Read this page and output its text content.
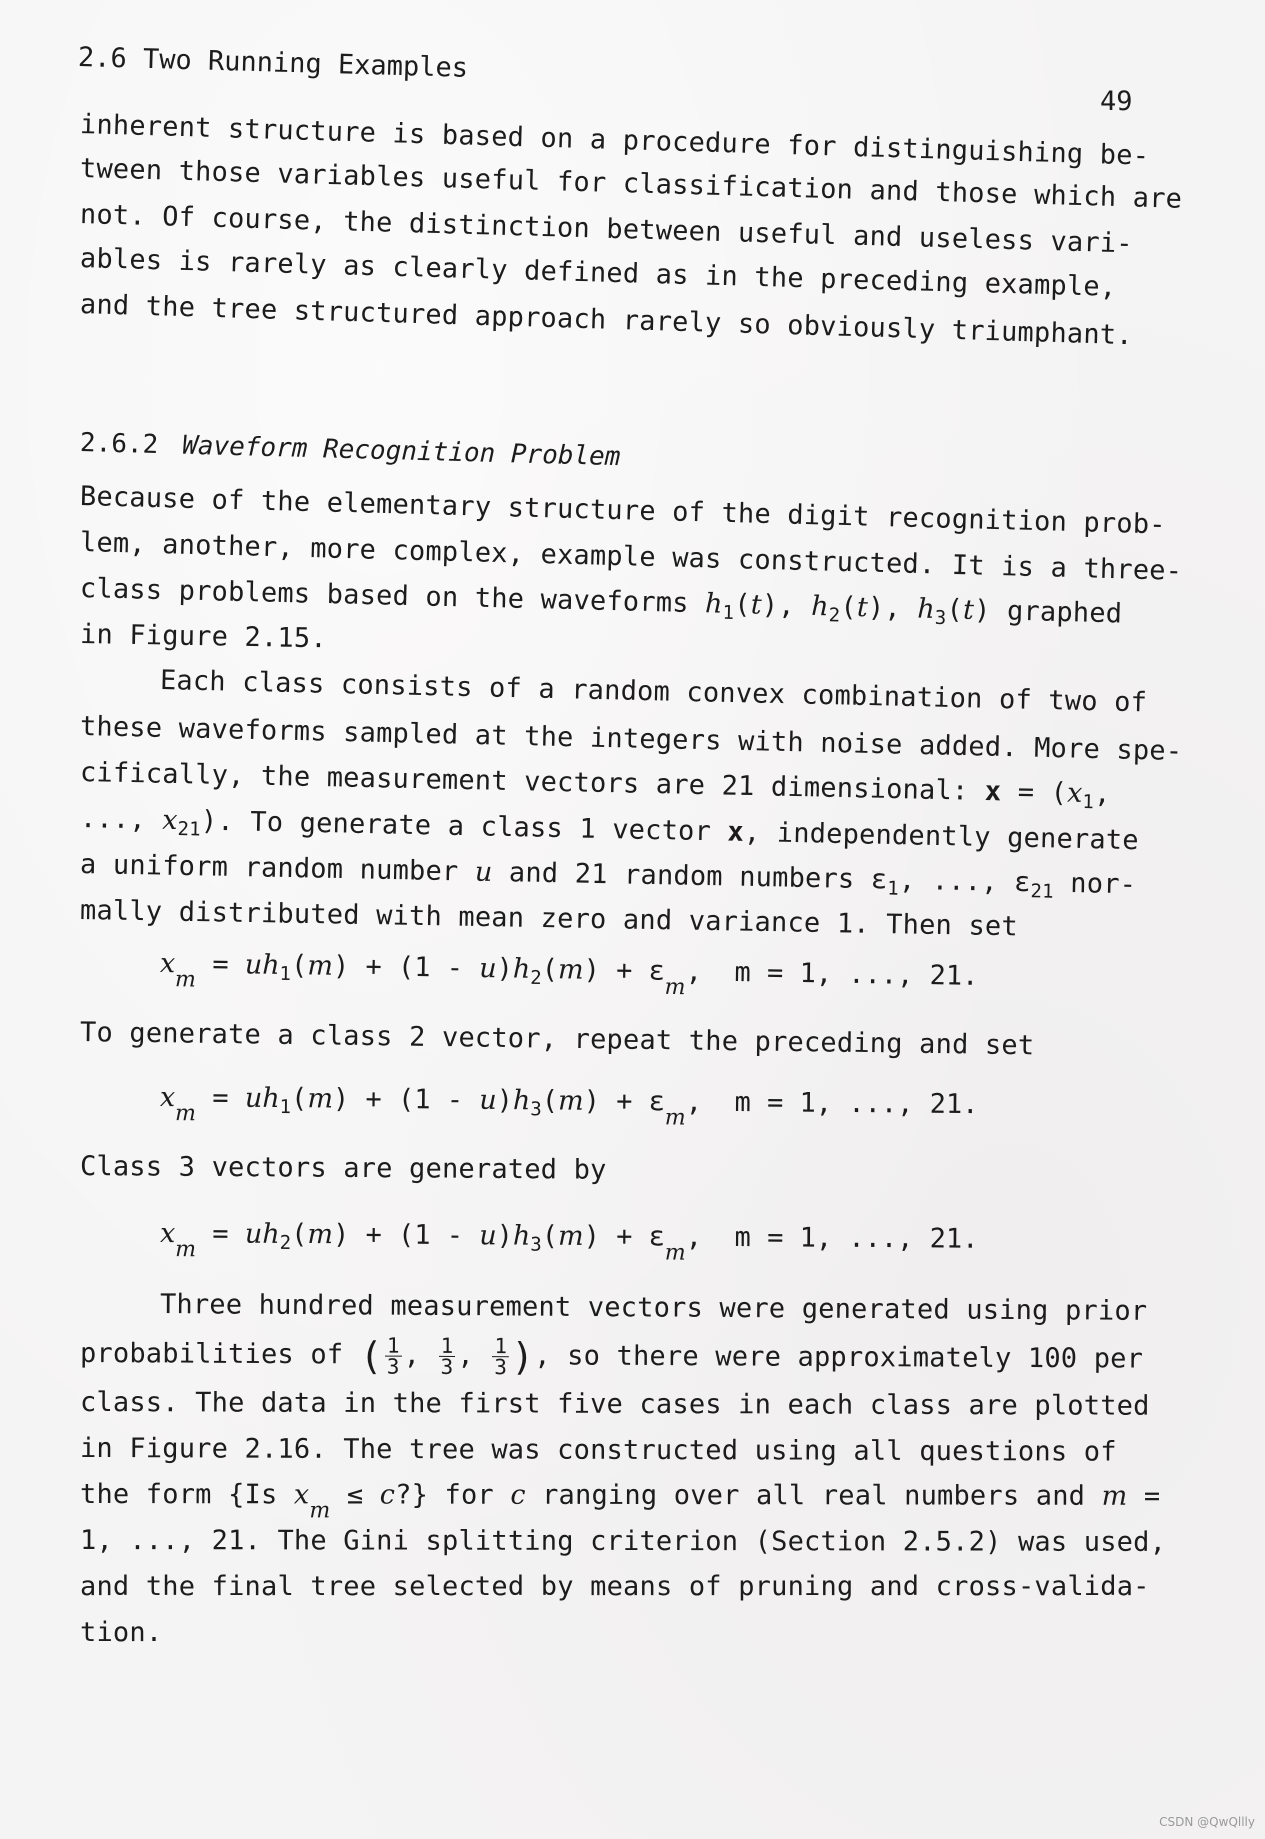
2.6 Two Running Examples
49
inherent structure is based on a procedure for distinguishing be-
tween those variables useful for classification and those which are
not. Of course, the distinction between useful and useless vari-
ables is rarely as clearly defined as in the preceding example,
and the tree structured approach rarely so obviously triumphant.
2.6.2 Waveform Recognition Problem
Because of the elementary structure of the digit recognition prob-
lem, another, more complex, example was constructed. It is a three-
class problems based on the waveforms $h_1(t)$, $h_2(t)$, $h_3(t)$ graphed
in Figure 2.15.
Each class consists of a random convex combination of two of
these waveforms sampled at the integers with noise added. More spe-
cifically, the measurement vectors are 21 dimensional: $x = (x_1$,
..., $x_{21}$). To generate a class 1 vector x, independently generate
a uniform random number u and 21 random numbers $\varepsilon_1$, ..., $\varepsilon_{21}$ nor-
mally distributed with mean zero and variance 1. Then set
$x_m = uh_1(m) + (1 - u)h_2(m) + \varepsilon_m$,  m = 1, ..., 21.
To generate a class 2 vector, repeat the preceding and set
$x_m = uh_1(m) + (1 - u)h_3(m) + \varepsilon_m$,  m = 1, ..., 21.
Class 3 vectors are generated by
$x_m = uh_2(m) + (1 - u)h_3(m) + \varepsilon_m$,  m = 1, ..., 21.
Three hundred measurement vectors were generated using prior
probabilities of ( $\frac{1}{3}$ , $\frac{1}{3}$ , $\frac{1}{3}$ ), so there were approximately 100 per
class. The data in the first five cases in each class are plotted
in Figure 2.16. The tree was constructed using all questions of
the form {Is $x_m$ ≤ c?} for c ranging over all real numbers and m =
1, ..., 21. The Gini splitting criterion (Section 2.5.2) was used,
and the final tree selected by means of pruning and cross-valida-
tion.
CSDN @QwQllly
